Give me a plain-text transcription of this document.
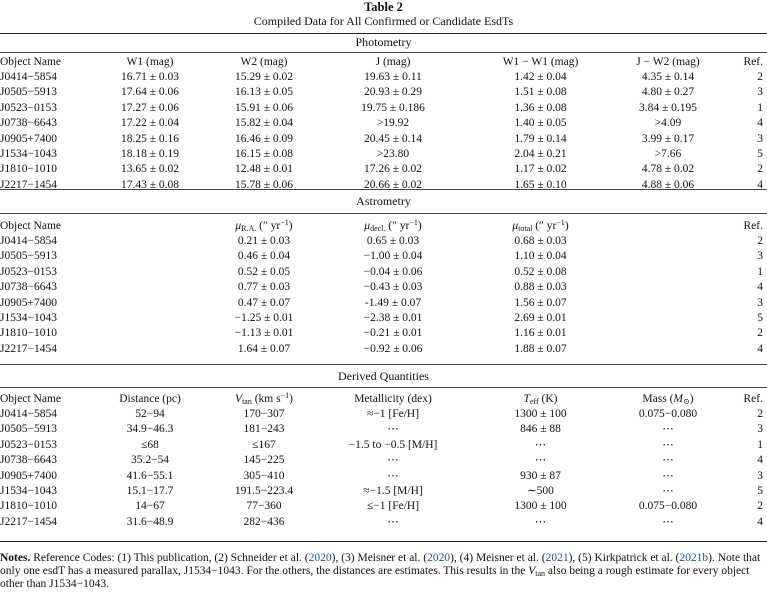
Table 2
Compiled Data for All Confirmed or Candidate EsdTs
Photometry
Object Name	W1 (mag)	W2 (mag)	J (mag)	W1 − W1 (mag)	J − W2 (mag)	Ref.
J0414−5854	16.71 ± 0.03	15.29 ± 0.02	19.63 ± 0.11	1.42 ± 0.04	4.35 ± 0.14	2
J0505−5913	17.64 ± 0.06	16.13 ± 0.05	20.93 ± 0.29	1.51 ± 0.08	4.80 ± 0.27	3
J0523−0153	17.27 ± 0.06	15.91 ± 0.06	19.75 ± 0.186	1.36 ± 0.08	3.84 ± 0.195	1
J0738−6643	17.22 ± 0.04	15.82 ± 0.04	>19.92	1.40 ± 0.05	>4.09	4
J0905+7400	18.25 ± 0.16	16.46 ± 0.09	20.45 ± 0.14	1.79 ± 0.14	3.99 ± 0.17	3
J1534−1043	18.18 ± 0.19	16.15 ± 0.08	>23.80	2.04 ± 0.21	>7.66	5
J1810−1010	13.65 ± 0.02	12.48 ± 0.01	17.26 ± 0.02	1.17 ± 0.02	4.78 ± 0.02	2
J2217−1454	17.43 ± 0.08	15.78 ± 0.06	20.66 ± 0.02	1.65 ± 0.10	4.88 ± 0.06	4
Astrometry
Object Name		$\mu_{R.A.}$ (″ $yr^{-1}$)	$\mu_{decl.}$ (″ $yr^{-1}$)	$\mu_{total}$ (″ $yr^{-1}$)		Ref.
J0414−5854		0.21 ± 0.03	0.65 ± 0.03	0.68 ± 0.03		2
J0505−5913		0.46 ± 0.04	−1.00 ± 0.04	1.10 ± 0.04		3
J0523−0153		0.52 ± 0.05	−0.04 ± 0.06	0.52 ± 0.08		1
J0738−6643		0.77 ± 0.03	−0.43 ± 0.03	0.88 ± 0.03		4
J0905+7400		0.47 ± 0.07	-1.49 ± 0.07	1.56 ± 0.07		3
J1534−1043		−1.25 ± 0.01	−2.38 ± 0.01	2.69 ± 0.01		5
J1810−1010		−1.13 ± 0.01	−0.21 ± 0.01	1.16 ± 0.01		2
J2217−1454		1.64 ± 0.07	−0.92 ± 0.06	1.88 ± 0.07		4
Derived Quantities
Object Name	Distance (pc)	$V_{tan}$ (km $s^{-1}$)	Metallicity (dex)	$T_{eff}$ (K)	Mass $(M_⊙)$	Ref.
J0414−5854	52−94	170−307	≈−1 [Fe/H]	1300 ± 100	0.075−0.080	2
J0505−5913	34.9−46.3	181−243	⋯	846 ± 88	⋯	3
J0523−0153	≤68	≤167	−1.5 to −0.5 [M/H]	⋯	⋯	1
J0738−6643	35.2−54	145−225	⋯	⋯	⋯	4
J0905+7400	41.6−55.1	305−410	⋯	930 ± 87	⋯	3
J1534−1043	15.1−17.7	191.5−223.4	≈−1.5 [M/H]	∼500	⋯	5
J1810−1010	14−67	77−360	≤−1 [Fe/H]	1300 ± 100	0.075−0.080	2
J2217−1454	31.6−48.9	282−436	⋯	⋯	⋯	4
Notes. Reference Codes: (1) This publication, (2) Schneider et al. (2020), (3) Meisner et al. (2020), (4) Meisner et al. (2021), (5) Kirkpatrick et al. (2021b). Note that only one esdT has a measured parallax, J1534−1043. For the others, the distances are estimates. This results in the $V_{tan}$ also being a rough estimate for every object other than J1534−1043.
